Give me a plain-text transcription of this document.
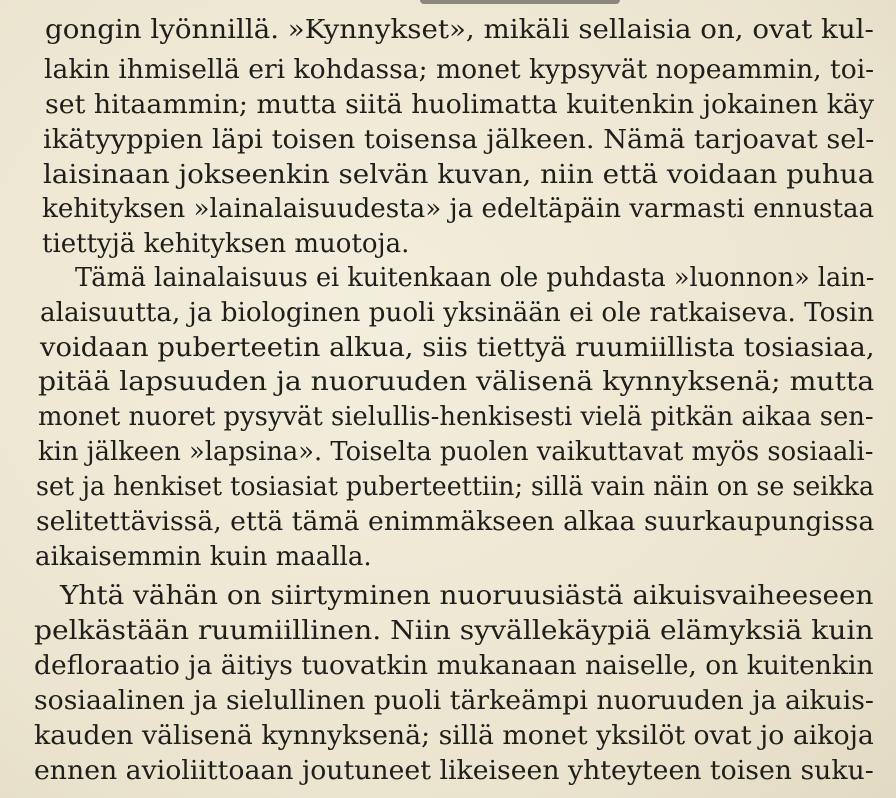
gongin lyönnillä. »Kynnykset», mikäli sellaisia on, ovat kul-
lakin ihmisellä eri kohdassa; monet kypsyvät nopeammin, toi-
set hitaammin; mutta siitä huolimatta kuitenkin jokainen käy
ikätyyppien läpi toisen toisensa jälkeen. Nämä tarjoavat sel-
laisinaan jokseenkin selvän kuvan, niin että voidaan puhua
kehityksen »lainalaisuudesta» ja edeltäpäin varmasti ennustaa
tiettyjä kehityksen muotoja.
Tämä lainalaisuus ei kuitenkaan ole puhdasta »luonnon» lain-
alaisuutta, ja biologinen puoli yksinään ei ole ratkaiseva. Tosin
voidaan puberteetin alkua, siis tiettyä ruumiillista tosiasiaa,
pitää lapsuuden ja nuoruuden välisenä kynnyksenä; mutta
monet nuoret pysyvät sielullis-henkisesti vielä pitkän aikaa sen-
kin jälkeen »lapsina». Toiselta puolen vaikuttavat myös sosiaali-
set ja henkiset tosiasiat puberteettiin; sillä vain näin on se seikka
selitettävissä, että tämä enimmäkseen alkaa suurkaupungissa
aikaisemmin kuin maalla.
Yhtä vähän on siirtyminen nuoruusiästä aikuisvaiheeseen
pelkästään ruumiillinen. Niin syvällekäypiä elämyksiä kuin
defloraatio ja äitiys tuovatkin mukanaan naiselle, on kuitenkin
sosiaalinen ja sielullinen puoli tärkeämpi nuoruuden ja aikuis-
kauden välisenä kynnyksenä; sillä monet yksilöt ovat jo aikoja
ennen avioliittoaan joutuneet likeiseen yhteyteen toisen suku-
